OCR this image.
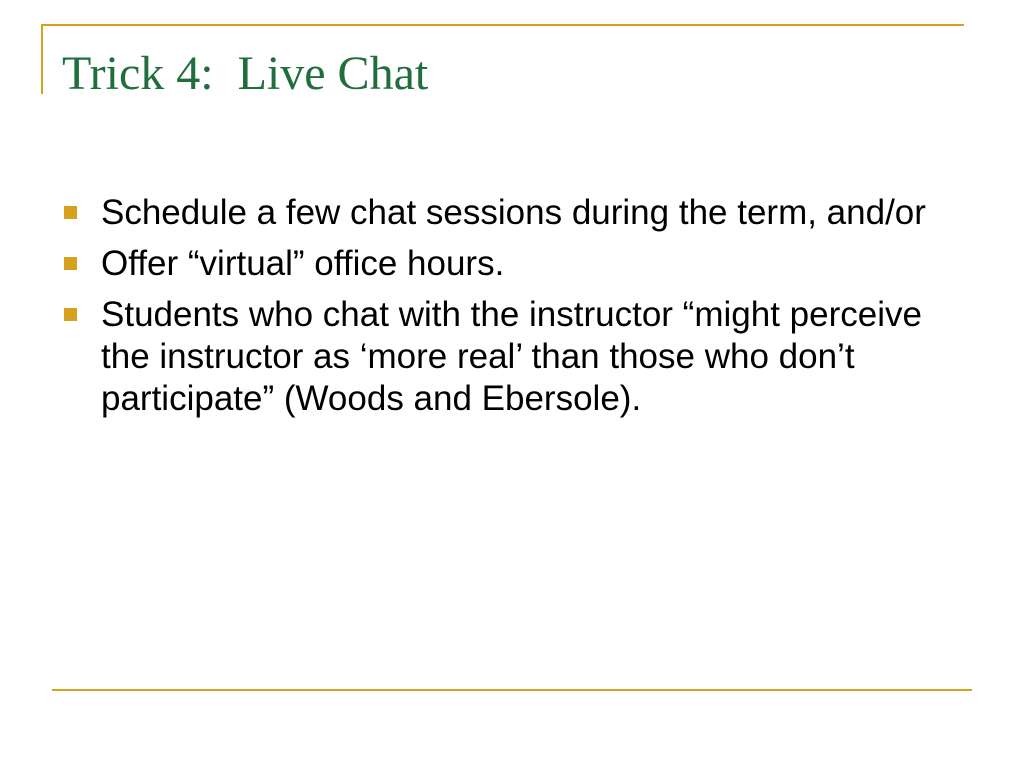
Trick 4:  Live Chat
Schedule a few chat sessions during the term, and/or
Offer “virtual” office hours.
Students who chat with the instructor “might perceive the instructor as ‘more real’ than those who don’t participate” (Woods and Ebersole).
